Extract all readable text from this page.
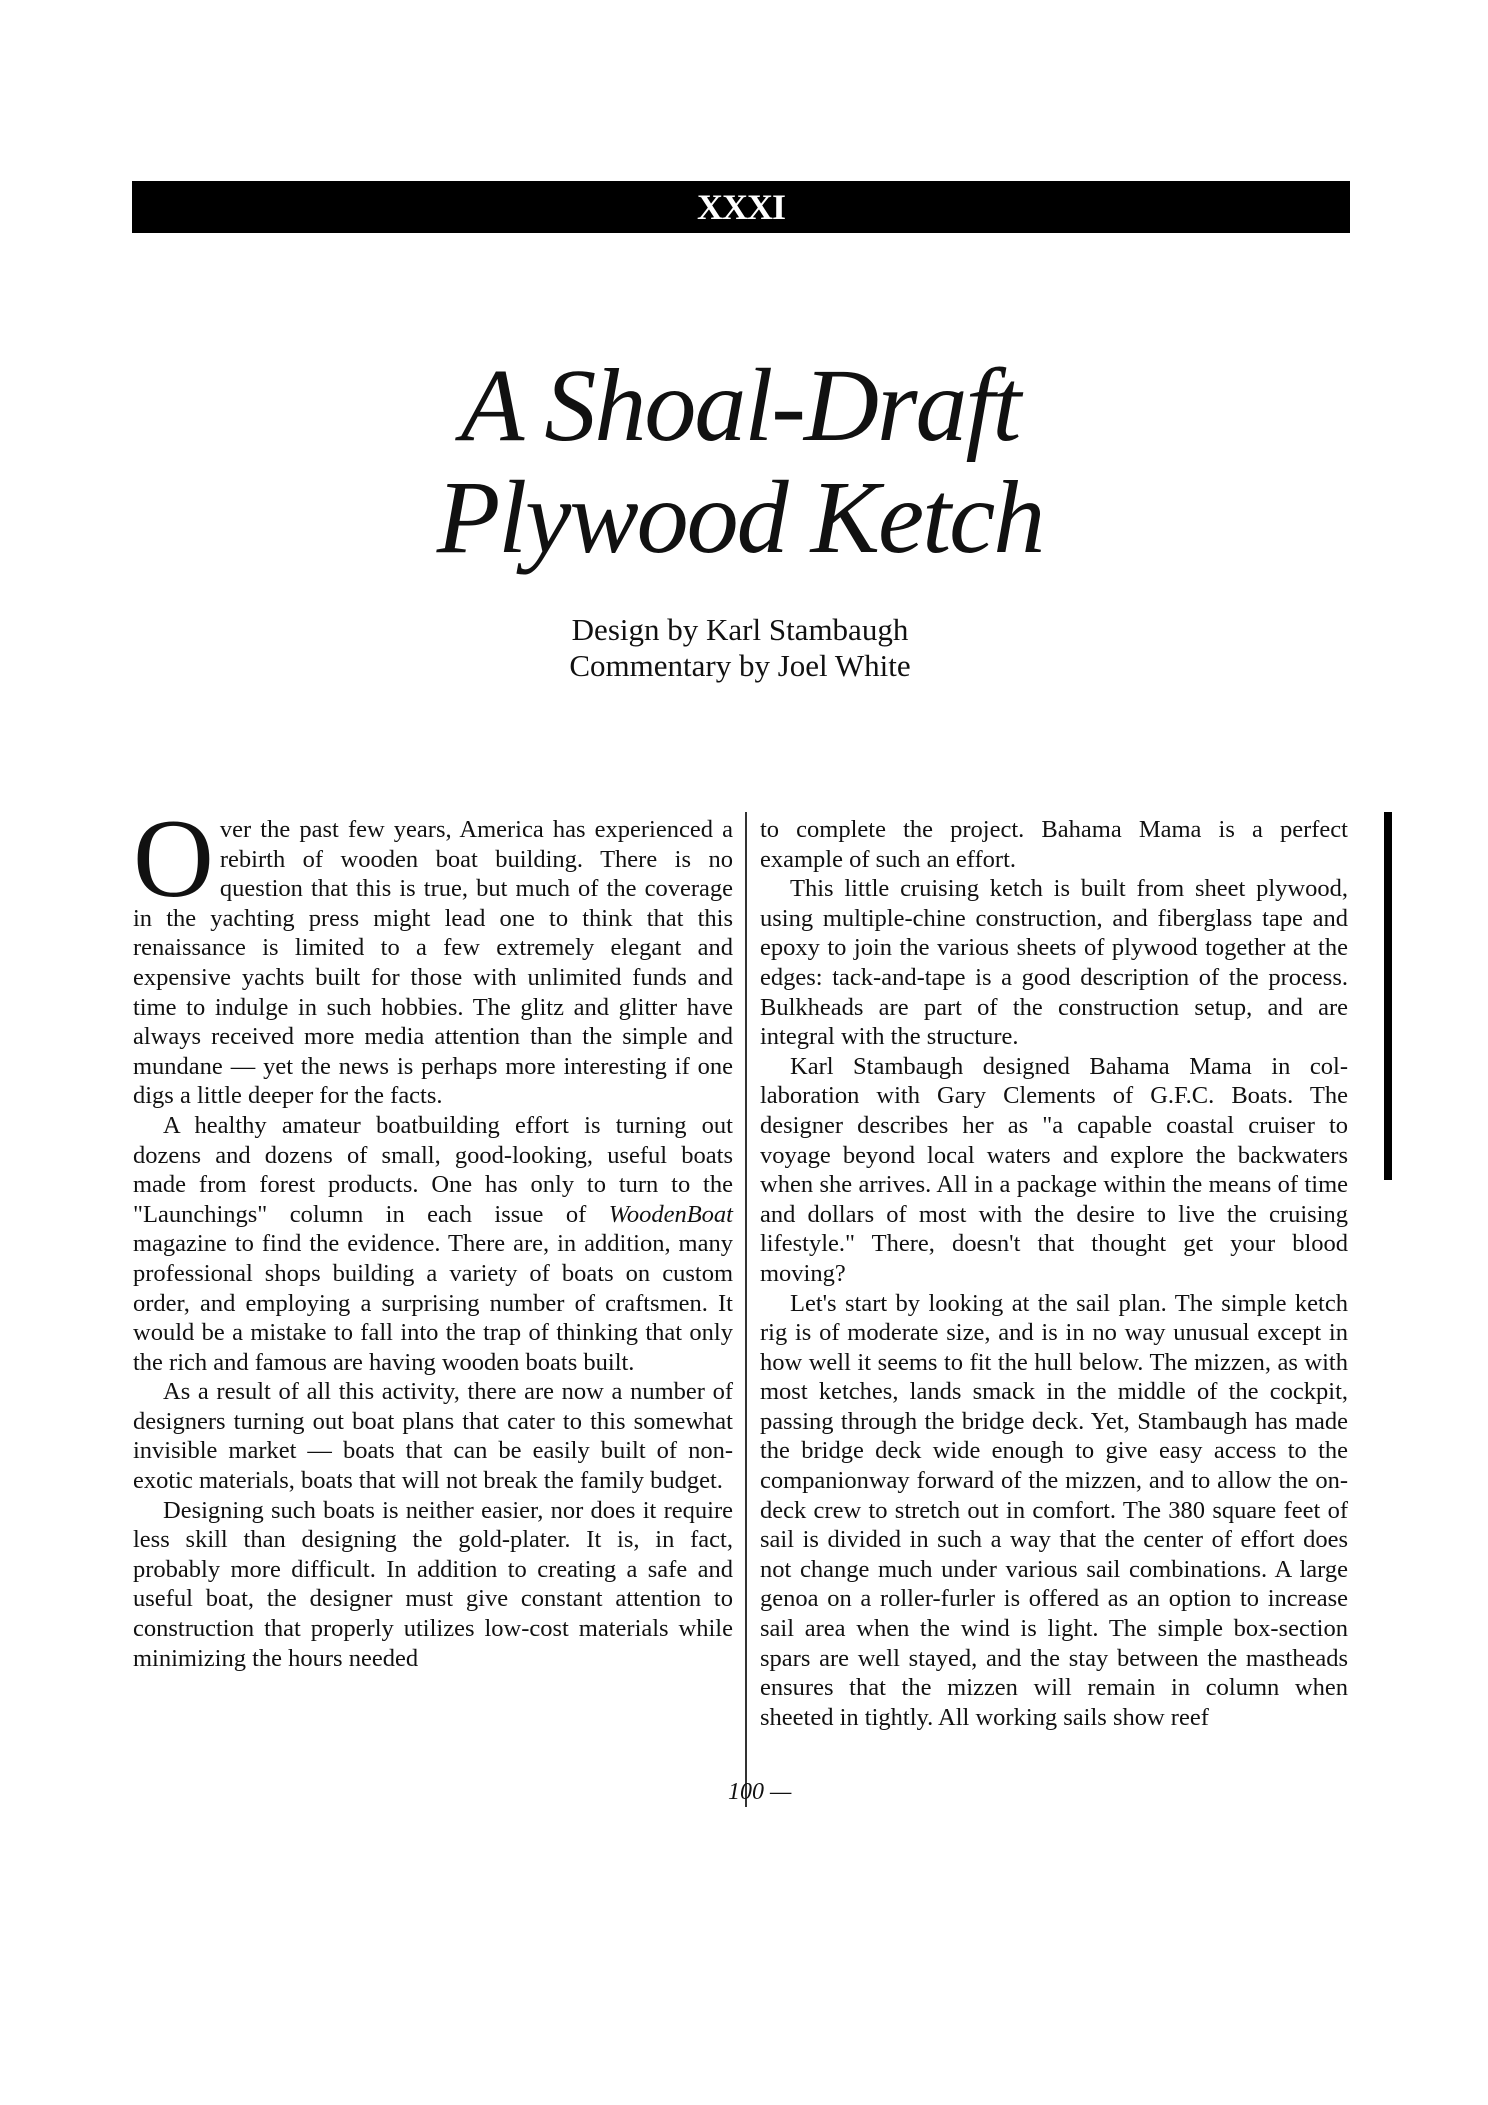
XXXI
A Shoal-Draft
Plywood Ketch
Design by Karl Stambaugh
Commentary by Joel White

Over the past few years, America has experienced a rebirth of wooden boat building. There is no question that this is true, but much of the coverage in the yachting press might lead one to think that this renaissance is limited to a few extremely elegant and expensive yachts built for those with unlimited funds and time to indulge in such hobbies. The glitz and glitter have always received more media attention than the simple and mundane — yet the news is perhaps more interesting if one digs a little deeper for the facts.

A healthy amateur boatbuilding effort is turning out dozens and dozens of small, good-looking, useful boats made from forest products. One has only to turn to the "Launchings" column in each issue of WoodenBoat magazine to find the evidence. There are, in addition, many professional shops building a variety of boats on custom order, and employing a surprising number of craftsmen. It would be a mistake to fall into the trap of thinking that only the rich and famous are having wooden boats built.

As a result of all this activity, there are now a number of designers turning out boat plans that cater to this somewhat invisible market — boats that can be easily built of non-exotic materials, boats that will not break the family budget.

Designing such boats is neither easier, nor does it require less skill than designing the gold-plater. It is, in fact, probably more difficult. In addition to creating a safe and useful boat, the designer must give constant attention to construction that properly utilizes low-cost materials while minimizing the hours needed

to complete the project. Bahama Mama is a perfect example of such an effort.

This little cruising ketch is built from sheet plywood, using multiple-chine construction, and fiberglass tape and epoxy to join the various sheets of plywood together at the edges: tack-and-tape is a good description of the process. Bulkheads are part of the construction setup, and are integral with the structure.

Karl Stambaugh designed Bahama Mama in collaboration with Gary Clements of G.F.C. Boats. The designer describes her as "a capable coastal cruiser to voyage beyond local waters and explore the backwaters when she arrives. All in a package within the means of time and dollars of most with the desire to live the cruising lifestyle." There, doesn't that thought get your blood moving?

Let's start by looking at the sail plan. The simple ketch rig is of moderate size, and is in no way unusual except in how well it seems to fit the hull below. The mizzen, as with most ketches, lands smack in the middle of the cockpit, passing through the bridge deck. Yet, Stambaugh has made the bridge deck wide enough to give easy access to the companionway forward of the mizzen, and to allow the on-deck crew to stretch out in comfort. The 380 square feet of sail is divided in such a way that the center of effort does not change much under various sail combinations. A large genoa on a roller-furler is offered as an option to increase sail area when the wind is light. The simple box-section spars are well stayed, and the stay between the mastheads ensures that the mizzen will remain in column when sheeted in tightly. All working sails show reef

100 —
